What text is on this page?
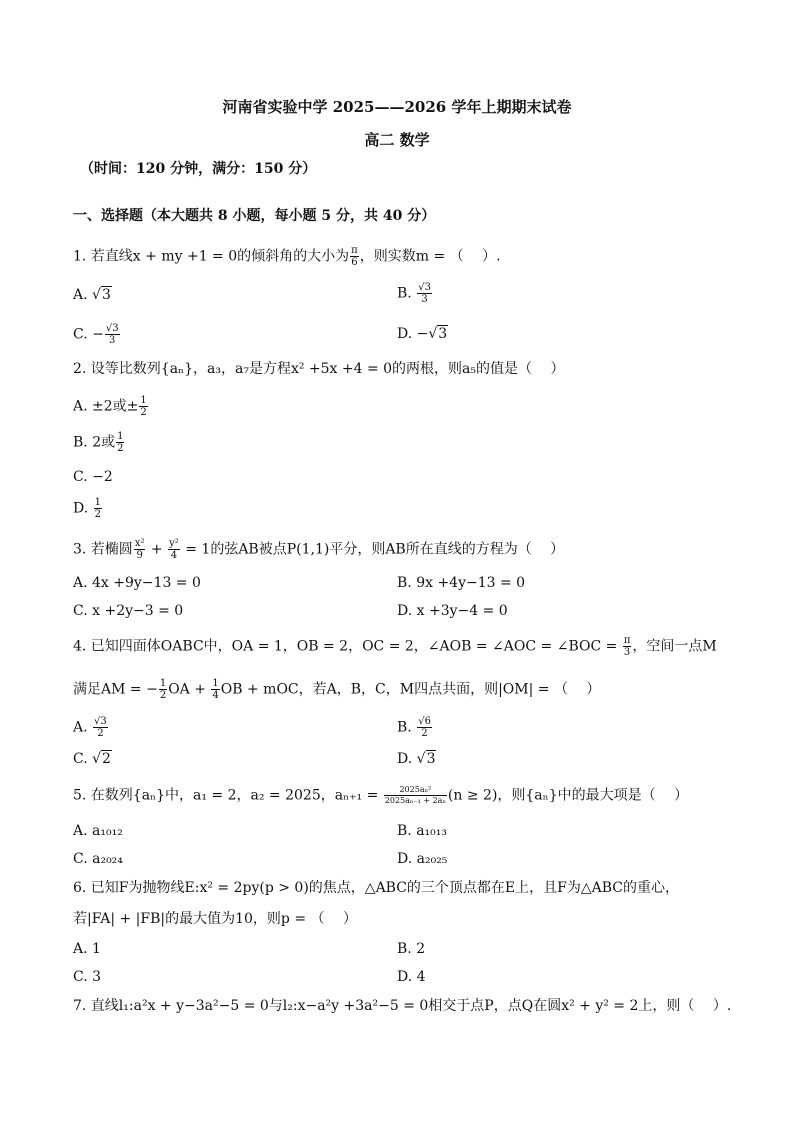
河南省实验中学 2025——2026 学年上期期末试卷
高二 数学
（时间：120 分钟，满分：150 分）
一、选择题（本大题共 8 小题，每小题 5 分，共 40 分）
1. 若直线x + my +1 = 0的倾斜角的大小为 $\frac{\pi}{6}$ ，则实数m = （　 ）.
A. √3	B. $\frac{√3}{3}$
C. − $\frac{√3}{3}$	D. −√3
2. 设等比数列{aₙ}，a₃，a₇是方程x² +5x +4 = 0的两根，则a₅的值是（　 ）
A. ±2或± $\frac{1}{2}$
B. 2或 $\frac{1}{2}$
C. −2
D. $\frac{1}{2}$
3. 若椭圆 $\frac{\text{x²}}{9} + \frac{\text{y²}}{4} = 1$的弦AB被点P(1,1)平分，则AB所在直线的方程为（　 ）
A. 4x +9y−13 = 0	B. 9x +4y−13 = 0
C. x +2y−3 = 0	D. x +3y−4 = 0
4. 已知四面体OABC中，OA = 1，OB = 2，OC = 2，∠AOB = ∠AOC = ∠BOC = $\frac{\pi}{3}$ ，空间一点M
满足AM = − $\frac{1}{2}$ OA + $\frac{1}{4}$ OB + mOC，若A，B，C，M四点共面，则|OM| = （　 ）
A. $\frac{√3}{2}$	B. $\frac{√6}{2}$
C. √2	D. √3
5. 在数列{aₙ}中，a₁ = 2，a₂ = 2025，$a_{n+1} = \frac{\text{2025aₙ²}}{\text{2025aₙ₋₁ + 2aₙ}} (n \ge 2)$，则{aₙ}中的最大项是（　 ）
A. a₁₀₁₂	B. a₁₀₁₃
C. a₂₀₂₄	D. a₂₀₂₅
6. 已知F为抛物线E:x² = 2py(p > 0)的焦点，△ABC的三个顶点都在E上，且F为△ABC的重心，
若|FA| + |FB|的最大值为10，则p = （　 ）
A. 1	B. 2
C. 3	D. 4
7. 直线l₁:a²x + y−3a²−5 = 0与l₂:x−a²y +3a²−5 = 0相交于点P，点Q在圆x² + y² = 2上，则（　 ）.
